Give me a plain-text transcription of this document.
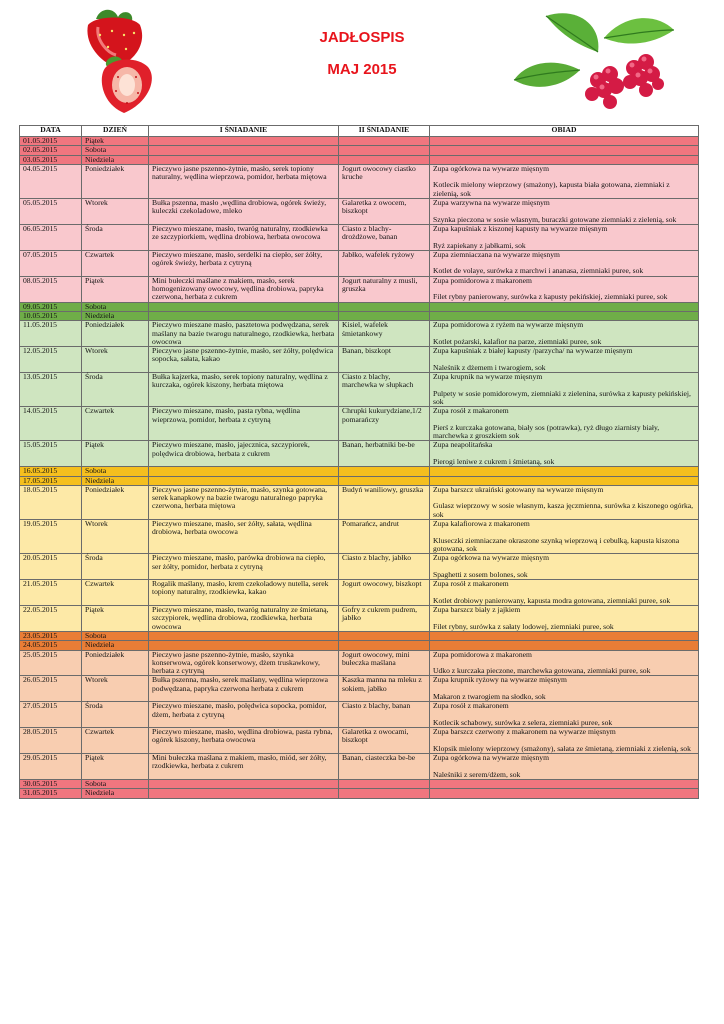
JADŁOSPIS
MAJ 2015
DATA	DZIEŃ	I ŚNIADANIE	II ŚNIADANIE	OBIAD
01.05.2015	Piątek			
02.05.2015	Sobota			
03.05.2015	Niedziela			
04.05.2015	Poniedziałek	Pieczywo jasne pszenno-żytnie, masło, serek topiony naturalny, wędlina wieprzowa, pomidor, herbata miętowa	Jogurt owocowy ciastko kruche	Zupa ogórkowa na wywarze mięsnym
Kotlecik mielony wieprzowy (smażony), kapusta biała gotowana, ziemniaki z zielenią, sok

05.05.2015	Wtorek	Bułka pszenna, masło ,wędlina drobiowa, ogórek świeży, kuleczki czekoladowe, mleko	Galaretka z owocem, biszkopt	Zupa warzywna na wywarze mięsnym
Szynka pieczona w sosie własnym, buraczki gotowane ziemniaki z zielenią, sok

06.05.2015	Środa	Pieczywo mieszane, masło, twaróg naturalny, rzodkiewka ze szczypiorkiem, wędlina drobiowa, herbata owocowa	Ciasto z blachy- drożdżowe, banan	Zupa kapuśniak z kiszonej kapusty na wywarze mięsnym
Ryż zapiekany z jabłkami, sok

07.05.2015	Czwartek	Pieczywo mieszane, masło, serdelki na ciepło, ser żółty, ogórek świeży, herbata z cytryną	Jabłko, wafelek ryżowy	Zupa ziemniaczana na wywarze mięsnym
Kotlet de volaye, surówka z marchwi i ananasa, ziemniaki puree, sok

08.05.2015	Piątek	Mini bułeczki maślane z makiem, masło, serek homogenizowany owocowy, wędlina drobiowa, papryka czerwona, herbata z cukrem	Jogurt naturalny z musli, gruszka	Zupa pomidorowa z makaronem
Filet rybny panierowany, surówka z kapusty pekińskiej, ziemniaki puree, sok

09.05.2015	Sobota			
10.05.2015	Niedziela			
11.05.2015	Poniedziałek	Pieczywo mieszane masło, pasztetowa podwędzana, serek maślany na bazie twarogu naturalnego, rzodkiewka, herbata owocowa	Kisiel, wafelek śmietankowy	Zupa pomidorowa z ryżem na wywarze mięsnym
Kotlet pożarski, kalafior na parze, ziemniaki puree, sok

12.05.2015	Wtorek	Pieczywo jasne pszenno-żytnie, masło, ser żółty, polędwica sopocka, sałata, kakao	Banan, biszkopt	Zupa kapuśniak z białej kapusty /parzycha/ na wywarze mięsnym
Naleśnik z dżemem i twarogiem, sok

13.05.2015	Środa	Bułka kajzerka, masło, serek topiony naturalny, wędlina z kurczaka, ogórek kiszony, herbata miętowa	Ciasto z blachy, marchewka w słupkach	Zupa krupnik na wywarze mięsnym
Pulpety w sosie pomidorowym, ziemniaki z zielenina, surówka z kapusty pekińskiej, sok

14.05.2015	Czwartek	Pieczywo mieszane, masło, pasta rybna, wędlina wieprzowa, pomidor, herbata z cytryną	Chrupki kukurydziane,1/2 pomarańczy	Zupa rosół z makaronem
Pierś z kurczaka gotowana, biały sos (potrawka), ryż długo ziarnisty biały, marchewka z groszkiem sok

15.05.2015	Piątek	Pieczywo mieszane, masło, jajecznica, szczypiorek, polędwica drobiowa, herbata z cukrem	Banan, herbatniki be-be	Zupa neapolitańska
Pierogi leniwe z cukrem i śmietaną, sok

16.05.2015	Sobota			
17.05.2015	Niedziela			
18.05.2015	Poniedziałek	Pieczywo jasne pszenno-żytnie, masło, szynka gotowana, serek kanapkowy na bazie twarogu naturalnego papryka czerwona, herbata miętowa	Budyń waniliowy, gruszka	Zupa barszcz ukraiński gotowany na wywarze mięsnym
Gulasz wieprzowy w sosie własnym, kasza jęczmienna, surówka z kiszonego ogórka, sok

19.05.2015	Wtorek	Pieczywo mieszane, masło, ser żółty, sałata, wędlina drobiowa, herbata owocowa	Pomarańcz, andrut	Zupa kalafiorowa z makaronem
Kluseczki ziemniaczane okraszone szynką wieprzową i cebulką, kapusta kiszona gotowana, sok

20.05.2015	Środa	Pieczywo mieszane, masło, parówka drobiowa na ciepło, ser żółty, pomidor, herbata z cytryną	Ciasto z blachy, jabłko	Zupa ogórkowa na wywarze mięsnym
Spaghetti z sosem bolones, sok

21.05.2015	Czwartek	Rogalik maślany, masło, krem czekoladowy nutella, serek topiony naturalny, rzodkiewka, kakao	Jogurt owocowy, biszkopt	Zupa rosół z makaronem
Kotlet drobiowy panierowany, kapusta modra gotowana, ziemniaki puree, sok

22.05.2015	Piątek	Pieczywo mieszane, masło, twaróg naturalny ze śmietaną, szczypiorek, wędlina drobiowa, rzodkiewka, herbata owocowa	Gofry z cukrem pudrem, jabłko	Zupa barszcz biały z jajkiem
Filet rybny, surówka z sałaty lodowej, ziemniaki puree, sok

23.05.2015	Sobota			
24.05.2015	Niedziela			
25.05.2015	Poniedziałek	Pieczywo jasne pszenno-żytnie, masło, szynka konserwowa, ogórek konserwowy, dżem truskawkowy, herbata z cytryną	Jogurt owocowy, mini bułeczka maślana	Zupa pomidorowa z makaronem
Udko z kurczaka pieczone, marchewka gotowana, ziemniaki puree, sok

26.05.2015	Wtorek	Bułka pszenna, masło, serek maślany, wędlina wieprzowa podwędzana, papryka czerwona herbata z cukrem	Kaszka manna na mleku z sokiem, jabłko	Zupa krupnik ryżowy na wywarze mięsnym
Makaron z twarogiem na słodko, sok

27.05.2015	Środa	Pieczywo mieszane, masło, polędwica sopocka, pomidor, dżem, herbata z cytryną	Ciasto z blachy, banan	Zupa rosół z makaronem
Kotlecik schabowy, surówka z selera, ziemniaki puree, sok

28.05.2015	Czwartek	Pieczywo mieszane, masło, wędlina drobiowa, pasta rybna, ogórek kiszony, herbata owocowa	Galaretka z owocami, biszkopt	Zupa barszcz czerwony z makaronem na wywarze mięsnym
Klopsik mielony wieprzowy (smażony), sałata ze śmietaną, ziemniaki z zielenią, sok

29.05.2015	Piątek	Mini bułeczka maślana z makiem, masło, miód, ser żółty, rzodkiewka, herbata z cukrem	Banan, ciasteczka be-be	Zupa ogórkowa na wywarze mięsnym
Naleśniki z serem/dżem, sok

30.05.2015	Sobota			
31.05.2015	Niedziela			
